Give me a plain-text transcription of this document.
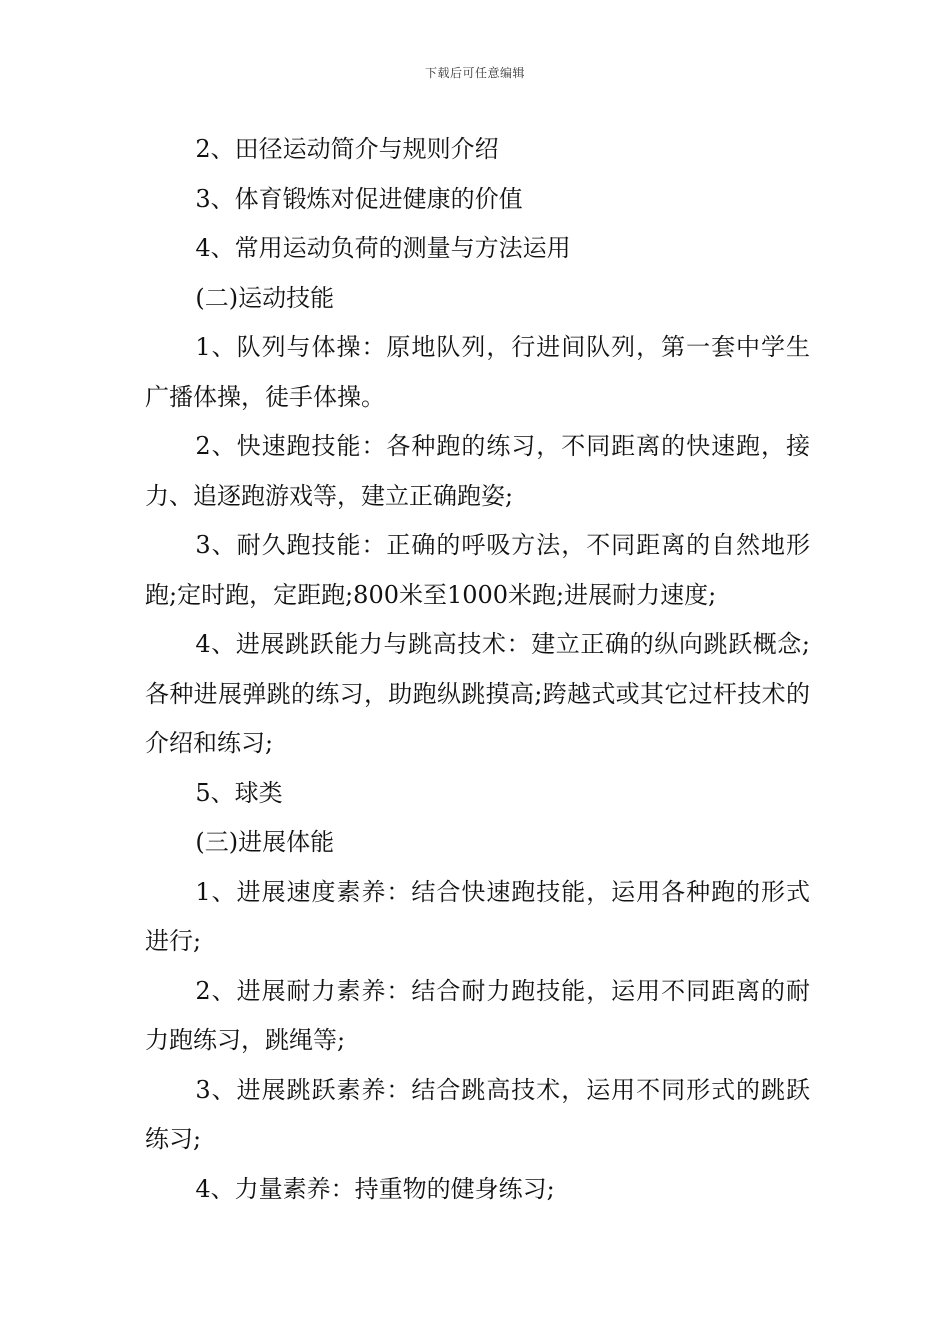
下载后可任意编辑

2、田径运动简介与规则介绍

3、体育锻炼对促进健康的价值

4、常用运动负荷的测量与方法运用

(二)运动技能

1、队列与体操：原地队列，行进间队列，第一套中学生广播体操，徒手体操。

2、快速跑技能：各种跑的练习，不同距离的快速跑，接力、追逐跑游戏等，建立正确跑姿;

3、耐久跑技能：正确的呼吸方法，不同距离的自然地形跑;定时跑，定距跑;800米至1000米跑;进展耐力速度;

4、进展跳跃能力与跳高技术：建立正确的纵向跳跃概念;各种进展弹跳的练习，助跑纵跳摸高;跨越式或其它过杆技术的介绍和练习;

5、球类

(三)进展体能

1、进展速度素养：结合快速跑技能，运用各种跑的形式进行;

2、进展耐力素养：结合耐力跑技能，运用不同距离的耐力跑练习，跳绳等;

3、进展跳跃素养：结合跳高技术，运用不同形式的跳跃练习;

4、力量素养：持重物的健身练习;
